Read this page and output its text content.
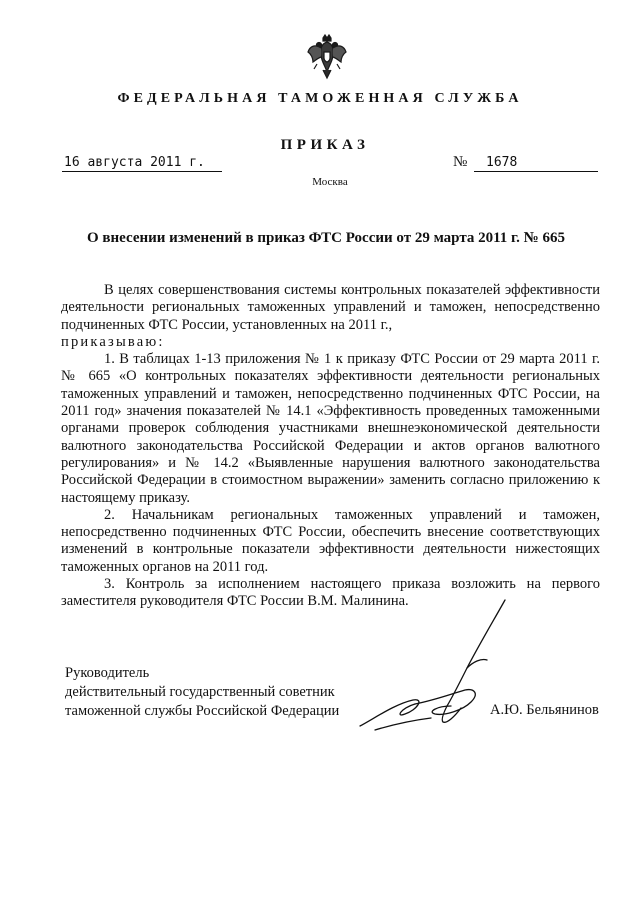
ФЕДЕРАЛЬНАЯ ТАМОЖЕННАЯ СЛУЖБА
ПРИКАЗ
16 августа 2011 г.	№	1678
Москва
О внесении изменений в приказ ФТС России от 29 марта 2011 г. № 665

В целях совершенствования системы контрольных показателей эффективности деятельности региональных таможенных управлений и таможен, непосредственно подчиненных ФТС России, установленных на 2011 г.,

приказываю:

1. В таблицах 1-13 приложения № 1 к приказу ФТС России от 29 марта 2011 г. № 665 «О контрольных показателях эффективности деятельности региональных таможенных управлений и таможен, непосредственно подчиненных ФТС России, на 2011 год» значения показателей № 14.1 «Эффективность проведенных таможенными органами проверок соблюдения участниками внешнеэкономической деятельности валютного законодательства Российской Федерации и актов органов валютного регулирования» и № 14.2 «Выявленные нарушения валютного законодательства Российской Федерации в стоимостном выражении» заменить согласно приложению к настоящему приказу.

2. Начальникам региональных таможенных управлений и таможен, непосредственно подчиненных ФТС России, обеспечить внесение соответствующих изменений в контрольные показатели эффективности деятельности нижестоящих таможенных органов на 2011 год.

3. Контроль за исполнением настоящего приказа возложить на первого заместителя руководителя ФТС России В.М. Малинина.

Руководитель
действительный государственный советник
таможенной службы Российской Федерации	А.Ю. Бельянинов
